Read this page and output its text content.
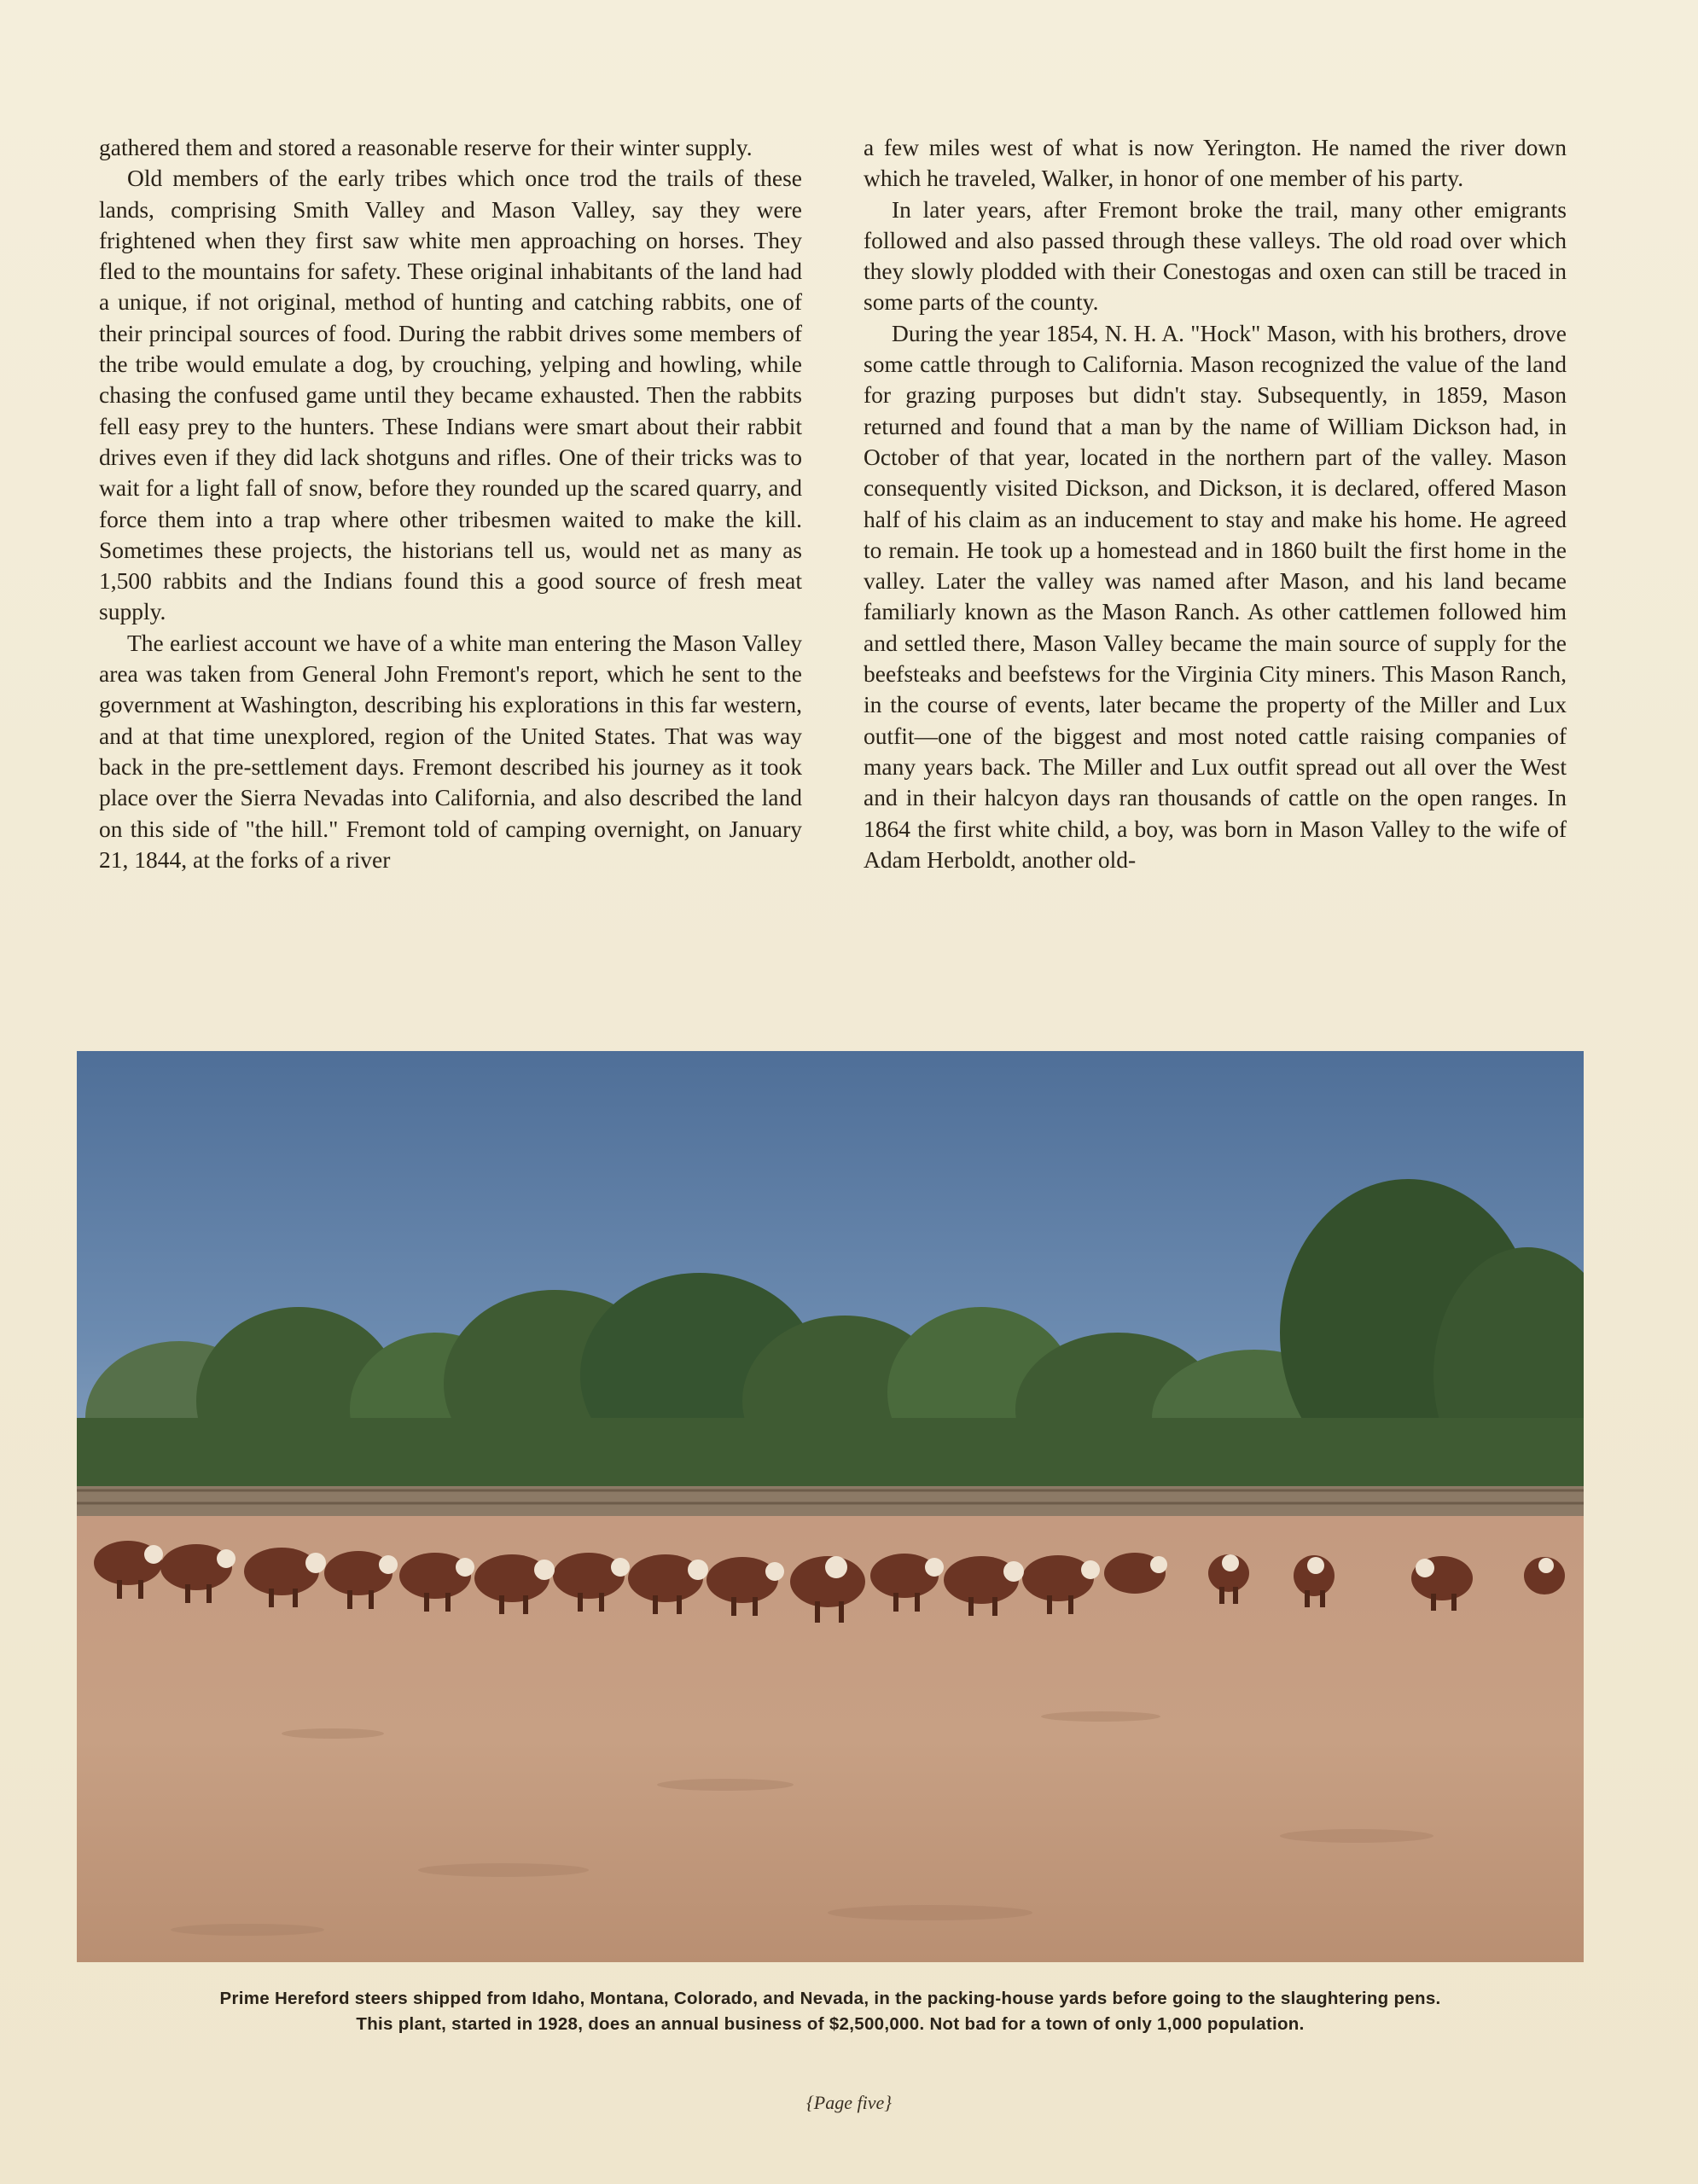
gathered them and stored a reasonable reserve for their winter supply.

Old members of the early tribes which once trod the trails of these lands, comprising Smith Valley and Mason Valley, say they were frightened when they first saw white men approaching on horses. They fled to the mountains for safety. These original inhabitants of the land had a unique, if not original, method of hunting and catching rabbits, one of their principal sources of food. During the rabbit drives some members of the tribe would emulate a dog, by crouching, yelping and howling, while chasing the confused game until they became exhausted. Then the rabbits fell easy prey to the hunters. These Indians were smart about their rabbit drives even if they did lack shotguns and rifles. One of their tricks was to wait for a light fall of snow, before they rounded up the scared quarry, and force them into a trap where other tribesmen waited to make the kill. Sometimes these projects, the historians tell us, would net as many as 1,500 rabbits and the Indians found this a good source of fresh meat supply.

The earliest account we have of a white man entering the Mason Valley area was taken from General John Fremont's report, which he sent to the government at Washington, describing his explorations in this far western, and at that time unexplored, region of the United States. That was way back in the pre-settlement days. Fremont described his journey as it took place over the Sierra Nevadas into California, and also described the land on this side of "the hill." Fremont told of camping overnight, on January 21, 1844, at the forks of a river

a few miles west of what is now Yerington. He named the river down which he traveled, Walker, in honor of one member of his party.

In later years, after Fremont broke the trail, many other emigrants followed and also passed through these valleys. The old road over which they slowly plodded with their Conestogas and oxen can still be traced in some parts of the county.

During the year 1854, N. H. A. "Hock" Mason, with his brothers, drove some cattle through to California. Mason recognized the value of the land for grazing purposes but didn't stay. Subsequently, in 1859, Mason returned and found that a man by the name of William Dickson had, in October of that year, located in the northern part of the valley. Mason consequently visited Dickson, and Dickson, it is declared, offered Mason half of his claim as an inducement to stay and make his home. He agreed to remain. He took up a homestead and in 1860 built the first home in the valley. Later the valley was named after Mason, and his land became familiarly known as the Mason Ranch. As other cattlemen followed him and settled there, Mason Valley became the main source of supply for the beefsteaks and beefstews for the Virginia City miners. This Mason Ranch, in the course of events, later became the property of the Miller and Lux outfit—one of the biggest and most noted cattle raising companies of many years back. The Miller and Lux outfit spread out all over the West and in their halcyon days ran thousands of cattle on the open ranges. In 1864 the first white child, a boy, was born in Mason Valley to the wife of Adam Herboldt, another old-

Prime Hereford steers shipped from Idaho, Montana, Colorado, and Nevada, in the packing-house yards before going to the slaughtering pens.
This plant, started in 1928, does an annual business of $2,500,000. Not bad for a town of only 1,000 population.
{Page five}
